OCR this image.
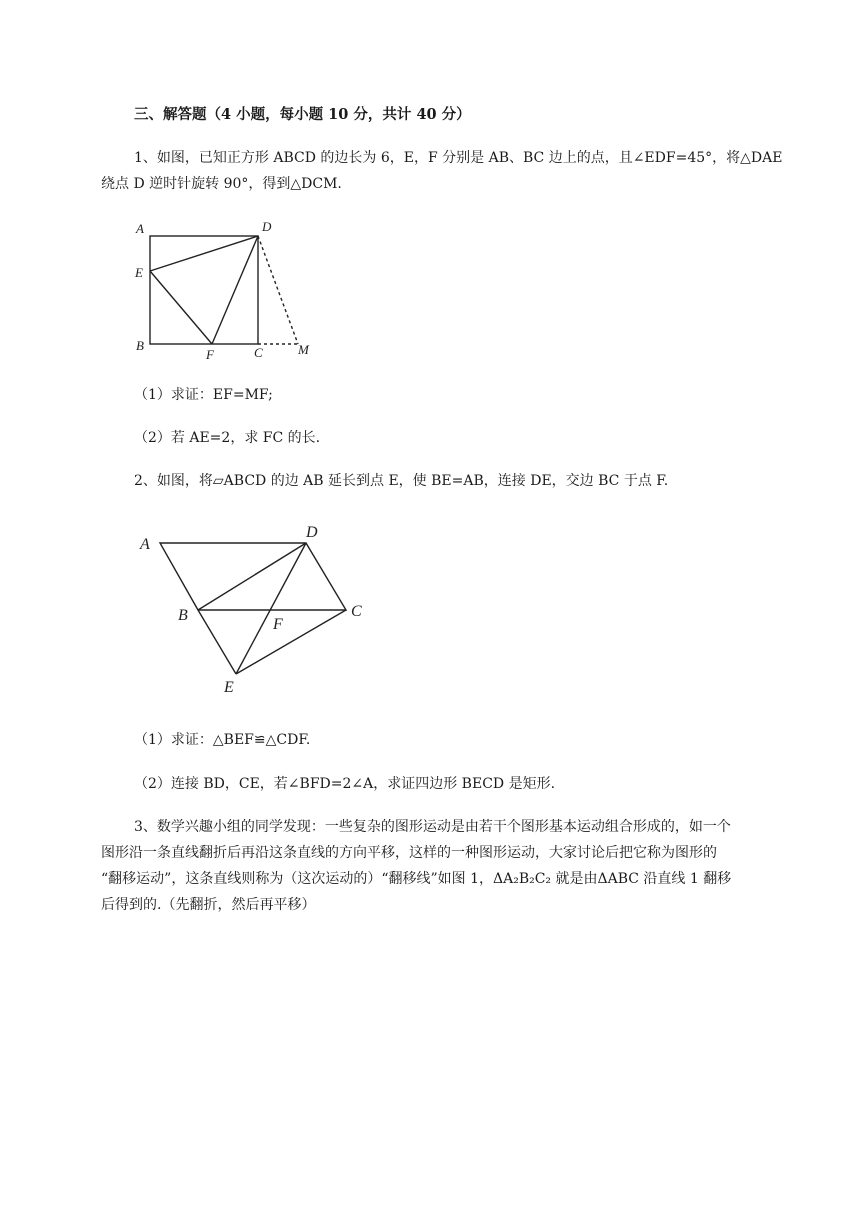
三、解答题（4 小题，每小题 10 分，共计 40 分）
1、如图，已知正方形 ABCD 的边长为 6，E，F 分别是 AB、BC 边上的点，且∠EDF=45°，将△DAE
绕点 D 逆时针旋转 90°，得到△DCM.
A	D
E
B
F	C	M
（1）求证：EF=MF;
（2）若 AE=2，求 FC 的长.
2、如图，将▱ABCD 的边 AB 延长到点 E，使 BE=AB，连接 DE，交边 BC 于点 F.
A
D
B
F
C
E
（1）求证：△BEF≌△CDF.
（2）连接 BD，CE，若∠BFD=2∠A，求证四边形 BECD 是矩形.
3、数学兴趣小组的同学发现：一些复杂的图形运动是由若干个图形基本运动组合形成的，如一个
图形沿一条直线翻折后再沿这条直线的方向平移，这样的一种图形运动，大家讨论后把它称为图形的
“翻移运动”，这条直线则称为（这次运动的）“翻移线”如图 1，ΔA₂B₂C₂ 就是由ΔABC 沿直线 1 翻移
后得到的.（先翻折，然后再平移）
